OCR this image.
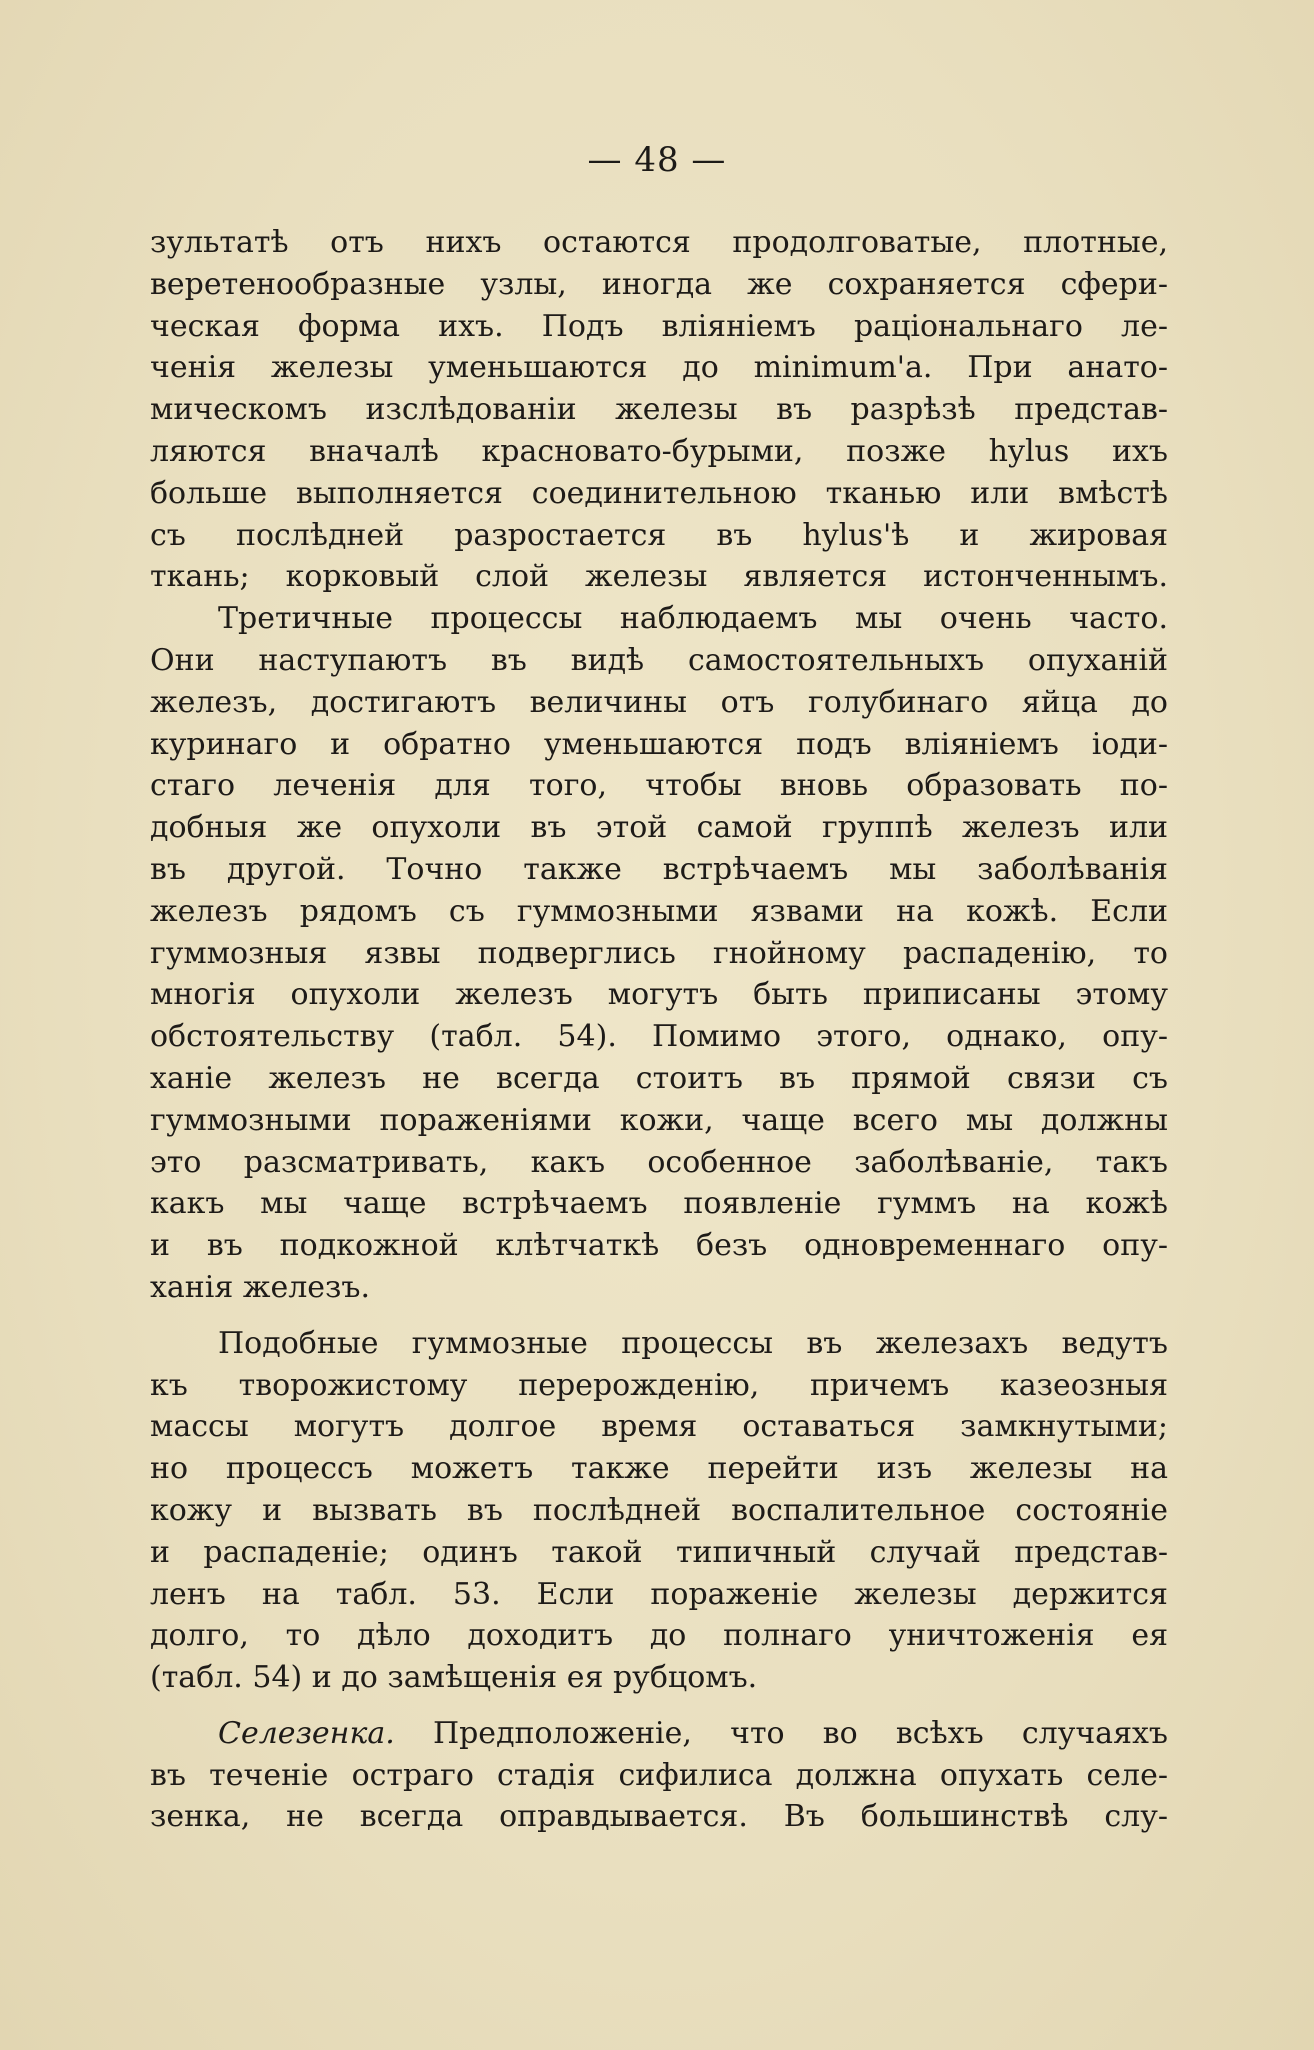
— 48 —
зультатѣ отъ нихъ остаются продолговатые, плотные,
веретенообразные узлы, иногда же сохраняется сфери-
ческая форма ихъ. Подъ вліяніемъ раціональнаго ле-
ченія железы уменьшаются до minimum'а. При анато-
мическомъ изслѣдованіи железы въ разрѣзѣ представ-
ляются вначалѣ красновато-бурыми, позже hylus ихъ
больше выполняется соединительною тканью или вмѣстѣ
съ послѣдней разростается въ hylus'ѣ и жировая
ткань; корковый слой железы является истонченнымъ.
Третичные процессы наблюдаемъ мы очень часто.
Они наступаютъ въ видѣ самостоятельныхъ опуханій
железъ, достигаютъ величины отъ голубинаго яйца до
куринаго и обратно уменьшаются подъ вліяніемъ іоди-
стаго леченія для того, чтобы вновь образовать по-
добныя же опухоли въ этой самой группѣ железъ или
въ другой. Точно также встрѣчаемъ мы заболѣванія
железъ рядомъ съ гуммозными язвами на кожѣ. Если
гуммозныя язвы подверглись гнойному распаденію, то
многія опухоли железъ могутъ быть приписаны этому
обстоятельству (табл. 54). Помимо этого, однако, опу-
ханіе железъ не всегда стоитъ въ прямой связи съ
гуммозными пораженіями кожи, чаще всего мы должны
это разсматривать, какъ особенное заболѣваніе, такъ
какъ мы чаще встрѣчаемъ появленіе гуммъ на кожѣ
и въ подкожной клѣтчаткѣ безъ одновременнаго опу-
ханія железъ.
Подобные гуммозные процессы въ железахъ ведутъ
къ творожистому перерожденію, причемъ казеозныя
массы могутъ долгое время оставаться замкнутыми;
но процессъ можетъ также перейти изъ железы на
кожу и вызвать въ послѣдней воспалительное состояніе
и распаденіе; одинъ такой типичный случай представ-
ленъ на табл. 53. Если пораженіе железы держится
долго, то дѣло доходитъ до полнаго уничтоженія ея
(табл. 54) и до замѣщенія ея рубцомъ.
Селезенка. Предположеніе, что во всѣхъ случаяхъ
въ теченіе остраго стадія сифилиса должна опухать селе-
зенка, не всегда оправдывается. Въ большинствѣ слу-
